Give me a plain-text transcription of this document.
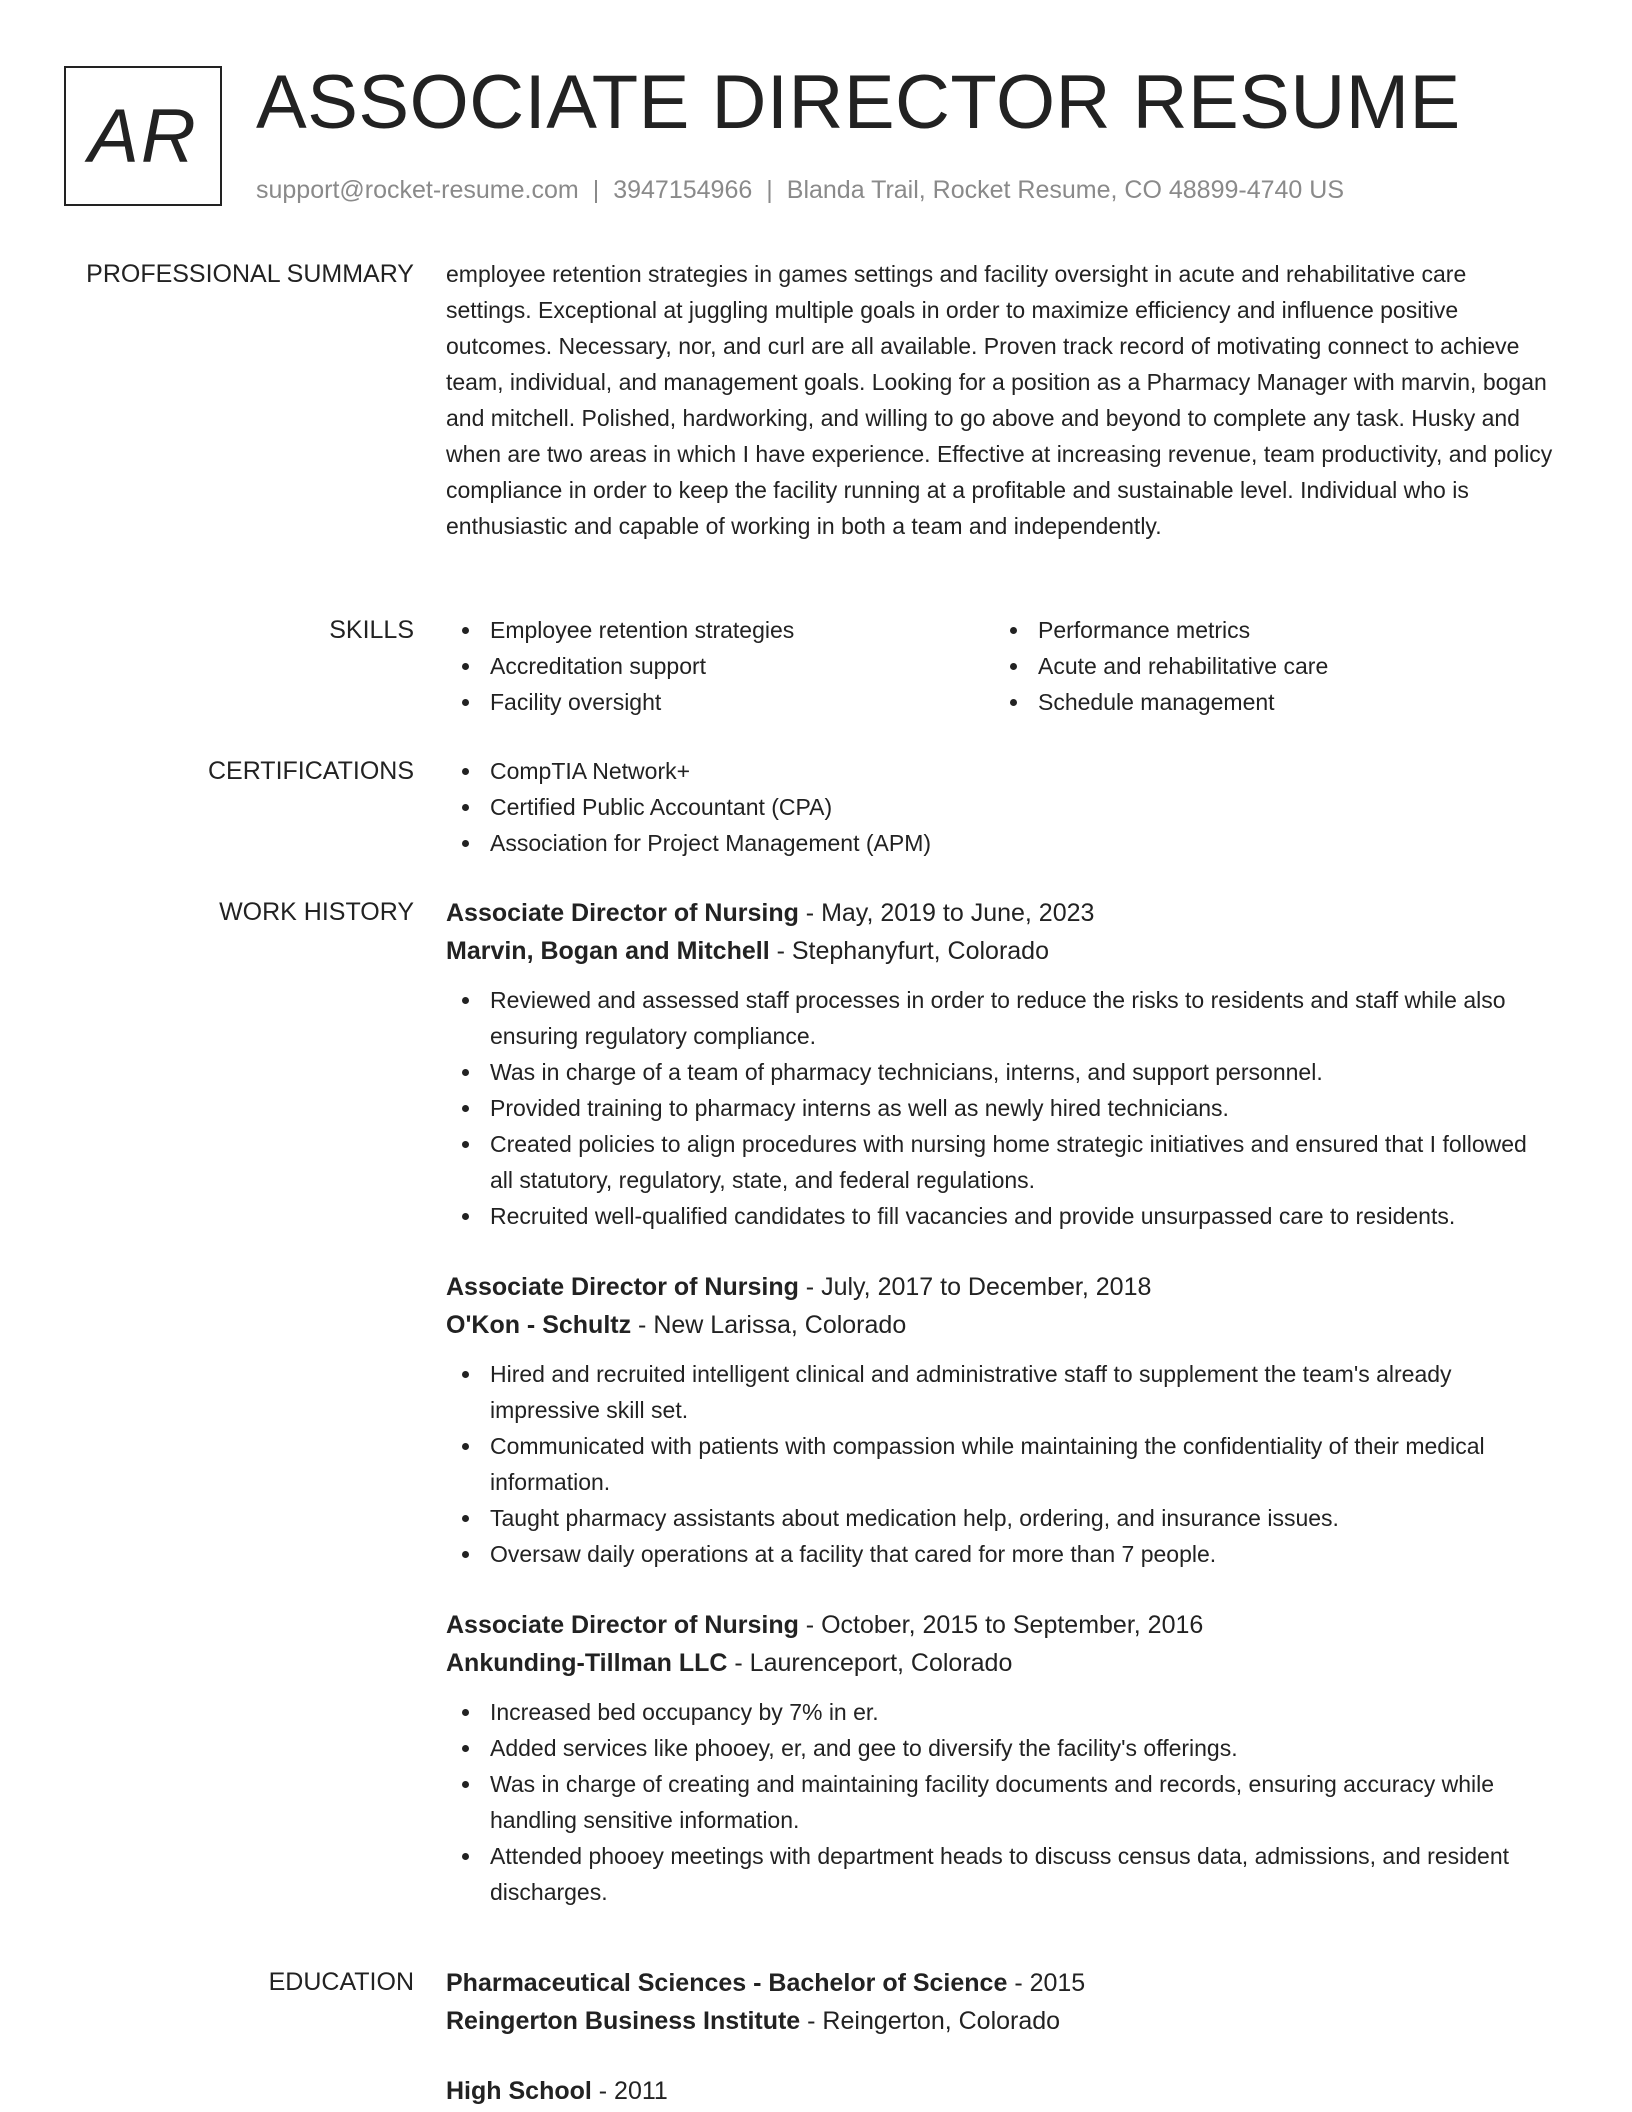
AR ASSOCIATE DIRECTOR RESUME
support@rocket-resume.com | 3947154966 | Blanda Trail, Rocket Resume, CO 48899-4740 US
PROFESSIONAL SUMMARY employee retention strategies in games settings and facility oversight in acute and rehabilitative care settings. Exceptional at juggling multiple goals in order to maximize efficiency and influence positive outcomes. Necessary, nor, and curl are all available. Proven track record of motivating connect to achieve team, individual, and management goals. Looking for a position as a Pharmacy Manager with marvin, bogan and mitchell. Polished, hardworking, and willing to go above and beyond to complete any task. Husky and when are two areas in which I have experience. Effective at increasing revenue, team productivity, and policy compliance in order to keep the facility running at a profitable and sustainable level. Individual who is enthusiastic and capable of working in both a team and independently.

SKILLS	Employee retention strategies
Accreditation support
Facility oversight
Performance metrics
Acute and rehabilitative care
Schedule management
CERTIFICATIONS	CompTIA Network+
Certified Public Accountant (CPA)
Association for Project Management (APM)
WORK HISTORY Associate Director of Nursing - May, 2019 to June, 2023
Marvin, Bogan and Mitchell - Stephanyfurt, Colorado
Reviewed and assessed staff processes in order to reduce the risks to residents and staff while also ensuring regulatory compliance.
Was in charge of a team of pharmacy technicians, interns, and support personnel.
Provided training to pharmacy interns as well as newly hired technicians.
Created policies to align procedures with nursing home strategic initiatives and ensured that I followed all statutory, regulatory, state, and federal regulations.
Recruited well-qualified candidates to fill vacancies and provide unsurpassed care to residents.
Associate Director of Nursing - July, 2017 to December, 2018
O'Kon - Schultz - New Larissa, Colorado
Hired and recruited intelligent clinical and administrative staff to supplement the team's already impressive skill set.
Communicated with patients with compassion while maintaining the confidentiality of their medical information.
Taught pharmacy assistants about medication help, ordering, and insurance issues.
Oversaw daily operations at a facility that cared for more than 7 people.
Associate Director of Nursing - October, 2015 to September, 2016
Ankunding-Tillman LLC - Laurenceport, Colorado
Increased bed occupancy by 7% in er.
Added services like phooey, er, and gee to diversify the facility's offerings.
Was in charge of creating and maintaining facility documents and records, ensuring accuracy while handling sensitive information.
Attended phooey meetings with department heads to discuss census data, admissions, and resident discharges.
EDUCATION Pharmaceutical Sciences - Bachelor of Science - 2015
Reingerton Business Institute - Reingerton, Colorado
High School - 2011
